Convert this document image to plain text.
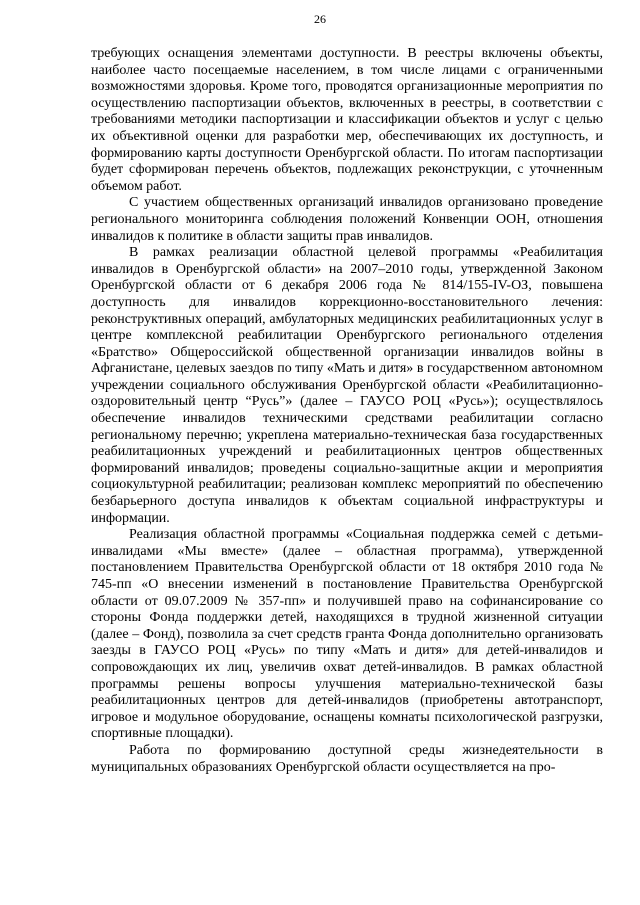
26

требующих оснащения элементами доступности. В реестры включены объекты, наиболее часто посещаемые населением, в том числе лицами с ограниченными возможностями здоровья. Кроме того, проводятся организационные мероприятия по осуществлению паспортизации объектов, включенных в реестры, в соответствии с требованиями методики паспортизации и классификации объектов и услуг с целью их объективной оценки для разработки мер, обеспечивающих их доступность, и формированию карты доступности Оренбургской области. По итогам паспортизации будет сформирован перечень объектов, подлежащих реконструкции, с уточненным объемом работ.

С участием общественных организаций инвалидов организовано проведение регионального мониторинга соблюдения положений Конвенции ООН, отношения инвалидов к политике в области защиты прав инвалидов.

В рамках реализации областной целевой программы «Реабилитация инвалидов в Оренбургской области» на 2007–2010 годы, утвержденной Законом Оренбургской области от 6 декабря 2006 года № 814/155-IV-ОЗ, повышена доступность для инвалидов коррекционно-восстановительного лечения: реконструктивных операций, амбулаторных медицинских реабилитационных услуг в центре комплексной реабилитации Оренбургского регионального отделения «Братство» Общероссийской общественной организации инвалидов войны в Афганистане, целевых заездов по типу «Мать и дитя» в государственном автономном учреждении социального обслуживания Оренбургской области «Реабилитационно-оздоровительный центр “Русь”» (далее – ГАУСО РОЦ «Русь»); осуществлялось обеспечение инвалидов техническими средствами реабилитации согласно региональному перечню; укреплена материально-техническая база государственных реабилитационных учреждений и реабилитационных центров общественных формирований инвалидов; проведены социально-защитные акции и мероприятия социокультурной реабилитации; реализован комплекс мероприятий по обеспечению безбарьерного доступа инвалидов к объектам социальной инфраструктуры и информации.

Реализация областной программы «Социальная поддержка семей с детьми-инвалидами «Мы вместе» (далее – областная программа), утвержденной постановлением Правительства Оренбургской области от 18 октября 2010 года № 745-пп «О внесении изменений в постановление Правительства Оренбургской области от 09.07.2009 № 357-пп» и получившей право на софинансирование со стороны Фонда поддержки детей, находящихся в трудной жизненной ситуации (далее – Фонд), позволила за счет средств гранта Фонда дополнительно организовать заезды в ГАУСО РОЦ «Русь» по типу «Мать и дитя» для детей-инвалидов и сопровождающих их лиц, увеличив охват детей-инвалидов. В рамках областной программы решены вопросы улучшения материально-технической базы реабилитационных центров для детей-инвалидов (приобретены автотранспорт, игровое и модульное оборудование, оснащены комнаты психологической разгрузки, спортивные площадки).

Работа по формированию доступной среды жизнедеятельности в муниципальных образованиях Оренбургской области осуществляется на про-
